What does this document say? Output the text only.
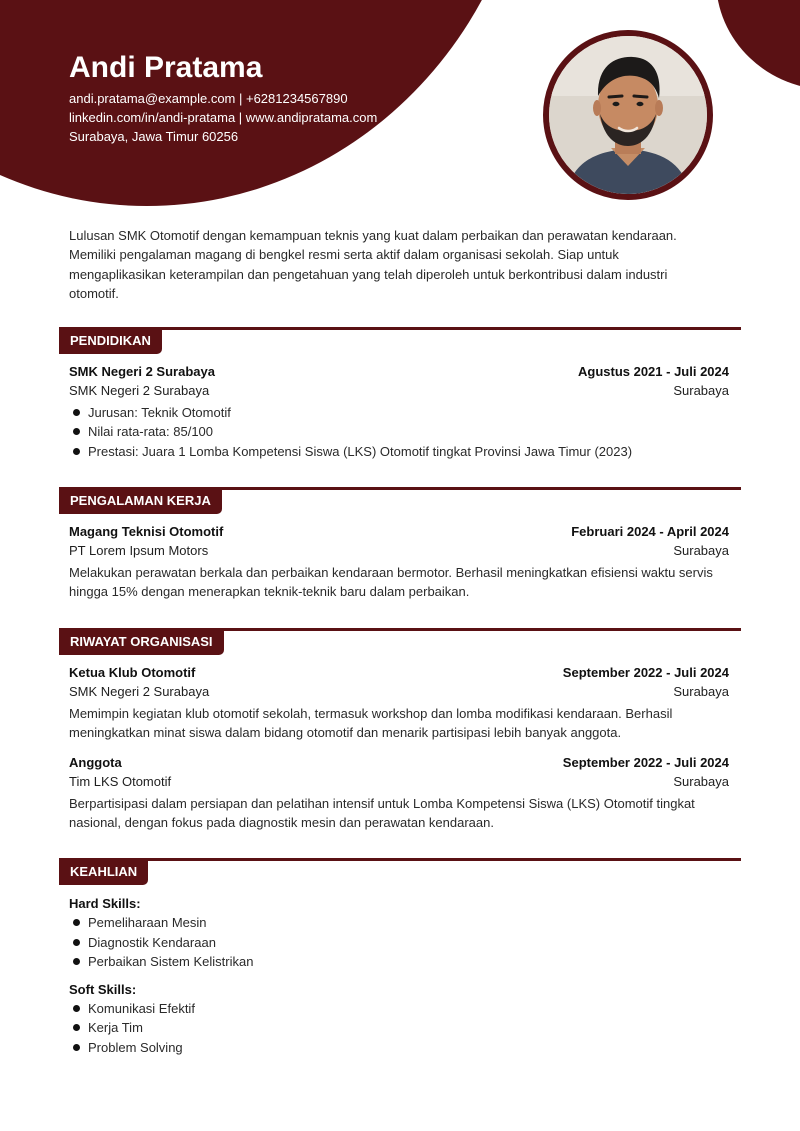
Andi Pratama
andi.pratama@example.com | +6281234567890
linkedin.com/in/andi-pratama | www.andipratama.com
Surabaya, Jawa Timur 60256

Lulusan SMK Otomotif dengan kemampuan teknis yang kuat dalam perbaikan dan perawatan kendaraan. Memiliki pengalaman magang di bengkel resmi serta aktif dalam organisasi sekolah. Siap untuk mengaplikasikan keterampilan dan pengetahuan yang telah diperoleh untuk berkontribusi dalam industri otomotif.

PENDIDIKAN
SMK Negeri 2 Surabaya	Agustus 2021 - Juli 2024
SMK Negeri 2 Surabaya	Surabaya
Jurusan: Teknik Otomotif
Nilai rata-rata: 85/100
Prestasi: Juara 1 Lomba Kompetensi Siswa (LKS) Otomotif tingkat Provinsi Jawa Timur (2023)
PENGALAMAN KERJA
Magang Teknisi Otomotif	Februari 2024 - April 2024
PT Lorem Ipsum Motors	Surabaya

Melakukan perawatan berkala dan perbaikan kendaraan bermotor. Berhasil meningkatkan efisiensi waktu servis hingga 15% dengan menerapkan teknik-teknik baru dalam perbaikan.

RIWAYAT ORGANISASI
Ketua Klub Otomotif	September 2022 - Juli 2024
SMK Negeri 2 Surabaya	Surabaya

Memimpin kegiatan klub otomotif sekolah, termasuk workshop dan lomba modifikasi kendaraan. Berhasil meningkatkan minat siswa dalam bidang otomotif dan menarik partisipasi lebih banyak anggota.

Anggota	September 2022 - Juli 2024
Tim LKS Otomotif	Surabaya

Berpartisipasi dalam persiapan dan pelatihan intensif untuk Lomba Kompetensi Siswa (LKS) Otomotif tingkat nasional, dengan fokus pada diagnostik mesin dan perawatan kendaraan.

KEAHLIAN
Hard Skills:
Pemeliharaan Mesin
Diagnostik Kendaraan
Perbaikan Sistem Kelistrikan
Soft Skills:
Komunikasi Efektif
Kerja Tim
Problem Solving
